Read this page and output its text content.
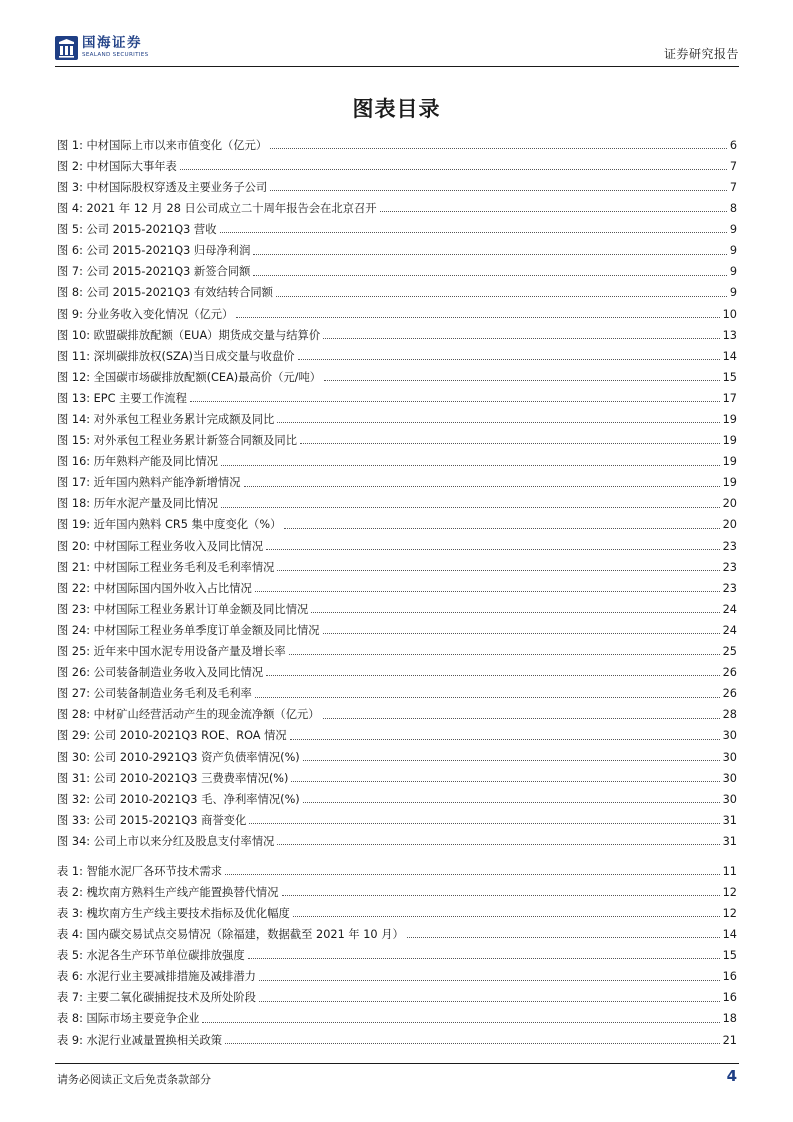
国海证券
SEALAND SECURITIES	证券研究报告
图表目录
图 1: 中材国际上市以来市值变化（亿元）	6
图 2: 中材国际大事年表	7
图 3: 中材国际股权穿透及主要业务子公司	7
图 4: 2021 年 12 月 28 日公司成立二十周年报告会在北京召开	8
图 5: 公司 2015-2021Q3 营收	9
图 6: 公司 2015-2021Q3 归母净利润	9
图 7: 公司 2015-2021Q3 新签合同额	9
图 8: 公司 2015-2021Q3 有效结转合同额	9
图 9: 分业务收入变化情况（亿元）	10
图 10: 欧盟碳排放配额（EUA）期货成交量与结算价	13
图 11: 深圳碳排放权(SZA)当日成交量与收盘价	14
图 12: 全国碳市场碳排放配额(CEA)最高价（元/吨）	15
图 13: EPC 主要工作流程	17
图 14: 对外承包工程业务累计完成额及同比	19
图 15: 对外承包工程业务累计新签合同额及同比	19
图 16: 历年熟料产能及同比情况	19
图 17: 近年国内熟料产能净新增情况	19
图 18: 历年水泥产量及同比情况	20
图 19: 近年国内熟料 CR5 集中度变化（%）	20
图 20: 中材国际工程业务收入及同比情况	23
图 21: 中材国际工程业务毛利及毛利率情况	23
图 22: 中材国际国内国外收入占比情况	23
图 23: 中材国际工程业务累计订单金额及同比情况	24
图 24: 中材国际工程业务单季度订单金额及同比情况	24
图 25: 近年来中国水泥专用设备产量及增长率	25
图 26: 公司装备制造业务收入及同比情况	26
图 27: 公司装备制造业务毛利及毛利率	26
图 28: 中材矿山经营活动产生的现金流净额（亿元）	28
图 29: 公司 2010-2021Q3 ROE、ROA 情况	30
图 30: 公司 2010-2921Q3 资产负债率情况(%)	30
图 31: 公司 2010-2021Q3 三费费率情况(%)	30
图 32: 公司 2010-2021Q3 毛、净利率情况(%)	30
图 33: 公司 2015-2021Q3 商誉变化	31
图 34: 公司上市以来分红及股息支付率情况	31
表 1: 智能水泥厂各环节技术需求	11
表 2: 槐坎南方熟料生产线产能置换替代情况	12
表 3: 槐坎南方生产线主要技术指标及优化幅度	12
表 4: 国内碳交易试点交易情况（除福建，数据截至 2021 年 10 月）	14
表 5: 水泥各生产环节单位碳排放强度	15
表 6: 水泥行业主要减排措施及减排潜力	16
表 7: 主要二氧化碳捕捉技术及所处阶段	16
表 8: 国际市场主要竞争企业	18
表 9: 水泥行业减量置换相关政策	21
请务必阅读正文后免责条款部分	4
